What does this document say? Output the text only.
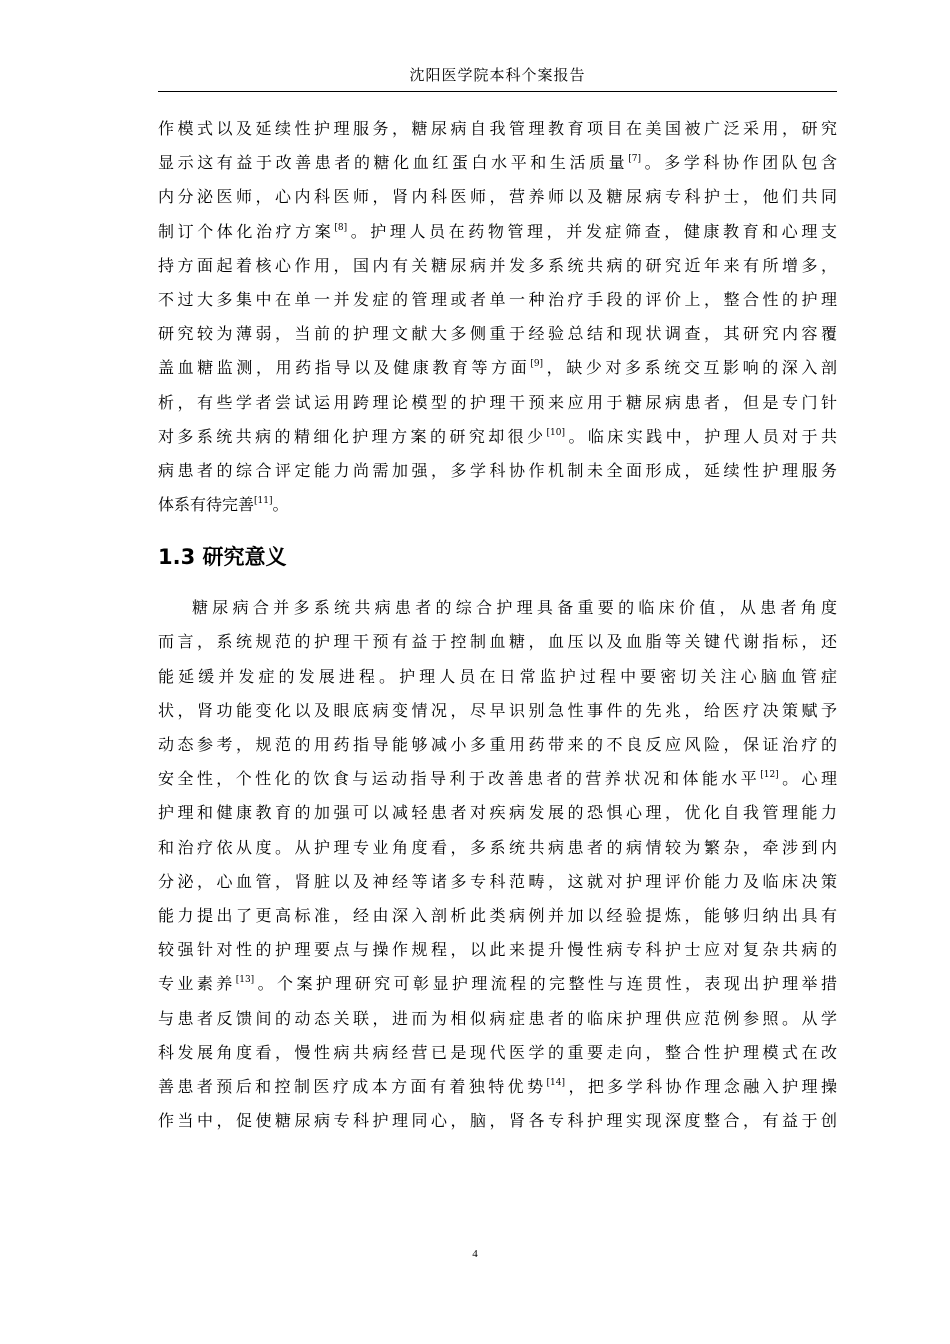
沈阳医学院本科个案报告
作模式以及延续性护理服务，糖尿病自我管理教育项目在美国被广泛采用，研究
显示这有益于改善患者的糖化血红蛋白水平和生活质量[7]。多学科协作团队包含
内分泌医师，心内科医师，肾内科医师，营养师以及糖尿病专科护士，他们共同
制订个体化治疗方案[8]。护理人员在药物管理，并发症筛查，健康教育和心理支
持方面起着核心作用，国内有关糖尿病并发多系统共病的研究近年来有所增多，
不过大多集中在单一并发症的管理或者单一种治疗手段的评价上，整合性的护理
研究较为薄弱，当前的护理文献大多侧重于经验总结和现状调查，其研究内容覆
盖血糖监测，用药指导以及健康教育等方面[9]，缺少对多系统交互影响的深入剖
析，有些学者尝试运用跨理论模型的护理干预来应用于糖尿病患者，但是专门针
对多系统共病的精细化护理方案的研究却很少[10]。临床实践中，护理人员对于共
病患者的综合评定能力尚需加强，多学科协作机制未全面形成，延续性护理服务
体系有待完善[11]。
1.3 研究意义
糖尿病合并多系统共病患者的综合护理具备重要的临床价值，从患者角度
而言，系统规范的护理干预有益于控制血糖，血压以及血脂等关键代谢指标，还
能延缓并发症的发展进程。护理人员在日常监护过程中要密切关注心脑血管症
状，肾功能变化以及眼底病变情况，尽早识别急性事件的先兆，给医疗决策赋予
动态参考，规范的用药指导能够减小多重用药带来的不良反应风险，保证治疗的
安全性，个性化的饮食与运动指导利于改善患者的营养状况和体能水平[12]。心理
护理和健康教育的加强可以减轻患者对疾病发展的恐惧心理，优化自我管理能力
和治疗依从度。从护理专业角度看，多系统共病患者的病情较为繁杂，牵涉到内
分泌，心血管，肾脏以及神经等诸多专科范畴，这就对护理评价能力及临床决策
能力提出了更高标准，经由深入剖析此类病例并加以经验提炼，能够归纳出具有
较强针对性的护理要点与操作规程，以此来提升慢性病专科护士应对复杂共病的
专业素养[13]。个案护理研究可彰显护理流程的完整性与连贯性，表现出护理举措
与患者反馈间的动态关联，进而为相似病症患者的临床护理供应范例参照。从学
科发展角度看，慢性病共病经营已是现代医学的重要走向，整合性护理模式在改
善患者预后和控制医疗成本方面有着独特优势[14]，把多学科协作理念融入护理操
作当中，促使糖尿病专科护理同心，脑，肾各专科护理实现深度整合，有益于创
4
